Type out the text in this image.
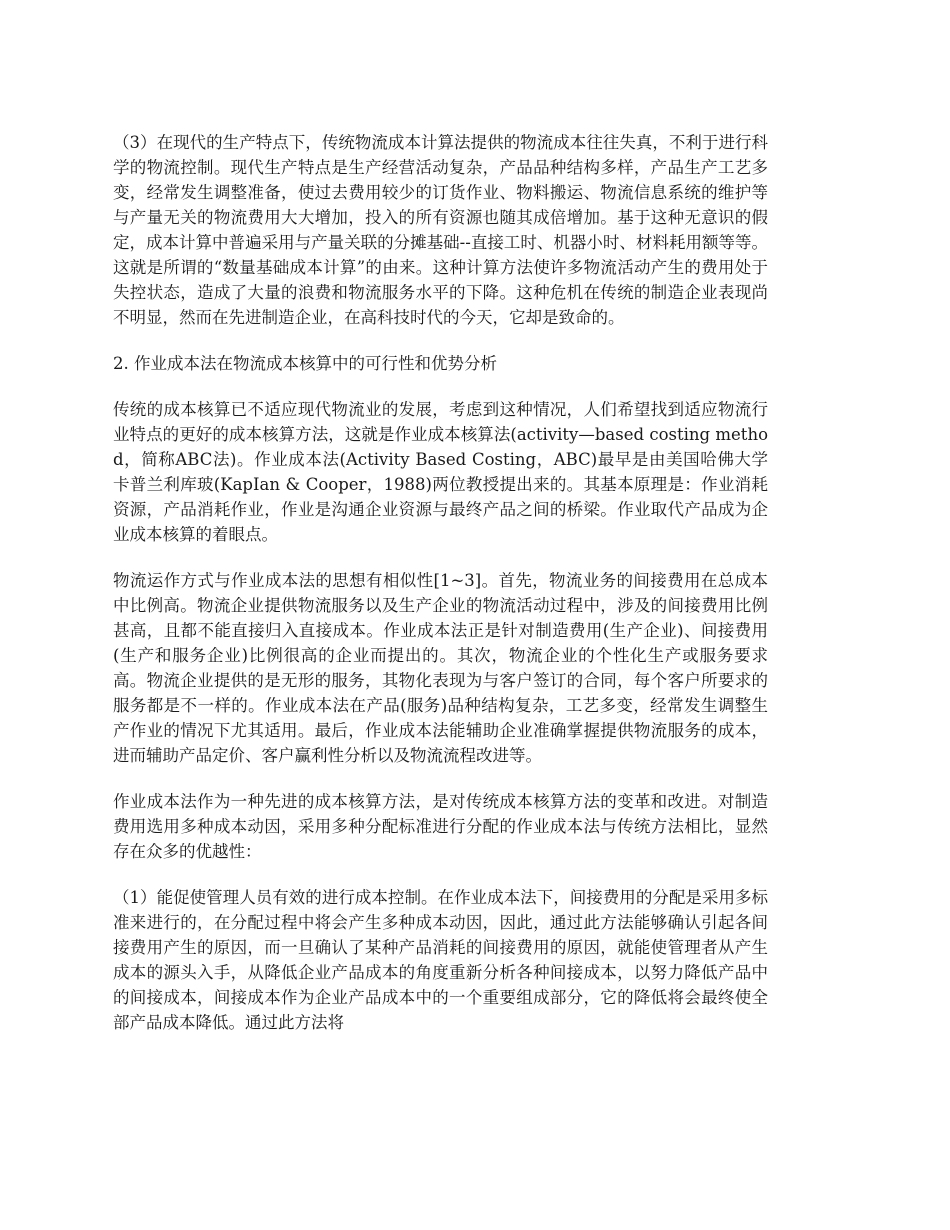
（3）在现代的生产特点下，传统物流成本计算法提供的物流成本往往失真，不利于进行科学的物流控制。现代生产特点是生产经营活动复杂，产品品种结构多样，产品生产工艺多变，经常发生调整准备，使过去费用较少的订货作业、物料搬运、物流信息系统的维护等与产量无关的物流费用大大增加，投入的所有资源也随其成倍增加。基于这种无意识的假定，成本计算中普遍采用与产量关联的分摊基础--直接工时、机器小时、材料耗用额等等。这就是所谓的“数量基础成本计算”的由来。这种计算方法使许多物流活动产生的费用处于失控状态，造成了大量的浪费和物流服务水平的下降。这种危机在传统的制造企业表现尚不明显，然而在先进制造企业，在高科技时代的今天，它却是致命的。

2. 作业成本法在物流成本核算中的可行性和优势分析

传统的成本核算已不适应现代物流业的发展，考虑到这种情况，人们希望找到适应物流行业特点的更好的成本核算方法，这就是作业成本核算法(activity—based costing method，简称ABC法)。作业成本法(Activity Based Costing，ABC)最早是由美国哈佛大学卡普兰利库玻(KapIan & Cooper，1988)两位教授提出来的。其基本原理是：作业消耗资源，产品消耗作业，作业是沟通企业资源与最终产品之间的桥梁。作业取代产品成为企业成本核算的着眼点。

物流运作方式与作业成本法的思想有相似性[1~3]。首先，物流业务的间接费用在总成本中比例高。物流企业提供物流服务以及生产企业的物流活动过程中，涉及的间接费用比例甚高，且都不能直接归入直接成本。作业成本法正是针对制造费用(生产企业)、间接费用(生产和服务企业)比例很高的企业而提出的。其次，物流企业的个性化生产或服务要求高。物流企业提供的是无形的服务，其物化表现为与客户签订的合同，每个客户所要求的服务都是不一样的。作业成本法在产品(服务)品种结构复杂，工艺多变，经常发生调整生产作业的情况下尤其适用。最后，作业成本法能辅助企业准确掌握提供物流服务的成本，进而辅助产品定价、客户赢利性分析以及物流流程改进等。

作业成本法作为一种先进的成本核算方法，是对传统成本核算方法的变革和改进。对制造费用选用多种成本动因，采用多种分配标准进行分配的作业成本法与传统方法相比，显然存在众多的优越性：

（1）能促使管理人员有效的进行成本控制。在作业成本法下，间接费用的分配是采用多标准来进行的，在分配过程中将会产生多种成本动因，因此，通过此方法能够确认引起各间接费用产生的原因，而一旦确认了某种产品消耗的间接费用的原因，就能使管理者从产生成本的源头入手，从降低企业产品成本的角度重新分析各种间接成本，以努力降低产品中的间接成本，间接成本作为企业产品成本中的一个重要组成部分，它的降低将会最终使全部产品成本降低。通过此方法将
